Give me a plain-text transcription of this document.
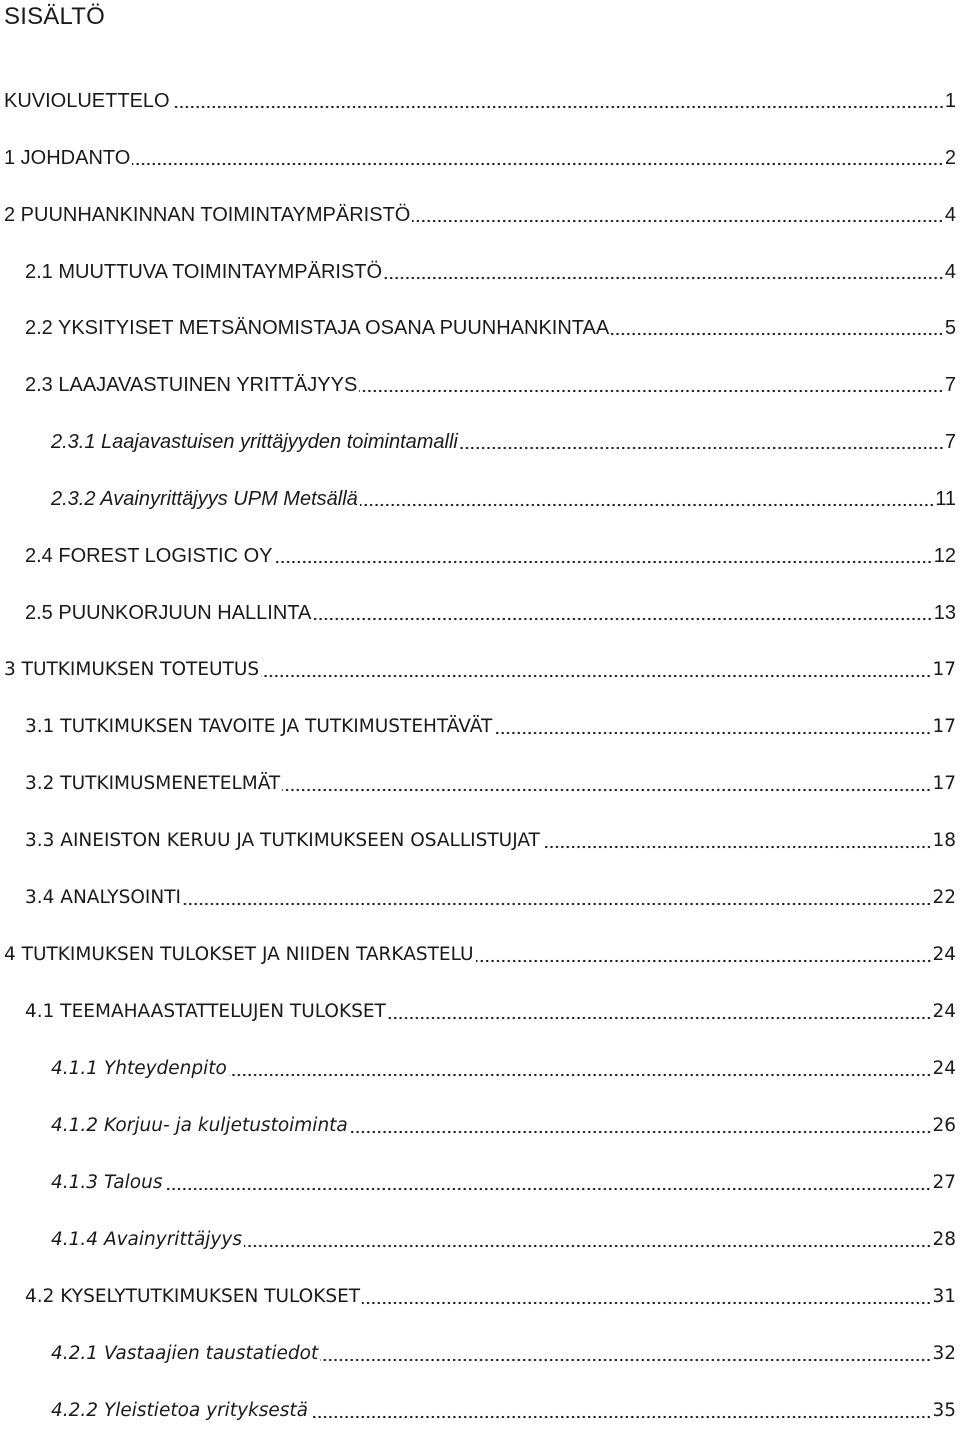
SISÄLTÖ
KUVIOLUETTELO	1
1 JOHDANTO	2
2 PUUNHANKINNAN TOIMINTAYMPÄRISTÖ	4
2.1 MUUTTUVA TOIMINTAYMPÄRISTÖ	4
2.2 YKSITYISET METSÄNOMISTAJA OSANA PUUNHANKINTAA	5
2.3 LAAJAVASTUINEN YRITTÄJYYS	7
2.3.1 Laajavastuisen yrittäjyyden toimintamalli	7
2.3.2 Avainyrittäjyys UPM Metsällä	11
2.4 FOREST LOGISTIC OY	12
2.5 PUUNKORJUUN HALLINTA	13
3 TUTKIMUKSEN TOTEUTUS	17
3.1 TUTKIMUKSEN TAVOITE JA TUTKIMUSTEHTÄVÄT	17
3.2 TUTKIMUSMENETELMÄT	17
3.3 AINEISTON KERUU JA TUTKIMUKSEEN OSALLISTUJAT	18
3.4 ANALYSOINTI	22
4 TUTKIMUKSEN TULOKSET JA NIIDEN TARKASTELU	24
4.1 TEEMAHAASTATTELUJEN TULOKSET	24
4.1.1 Yhteydenpito	24
4.1.2 Korjuu- ja kuljetustoiminta	26
4.1.3 Talous	27
4.1.4 Avainyrittäjyys	28
4.2 KYSELYTUTKIMUKSEN TULOKSET	31
4.2.1 Vastaajien taustatiedot	32
4.2.2 Yleistietoa yrityksestä	35
